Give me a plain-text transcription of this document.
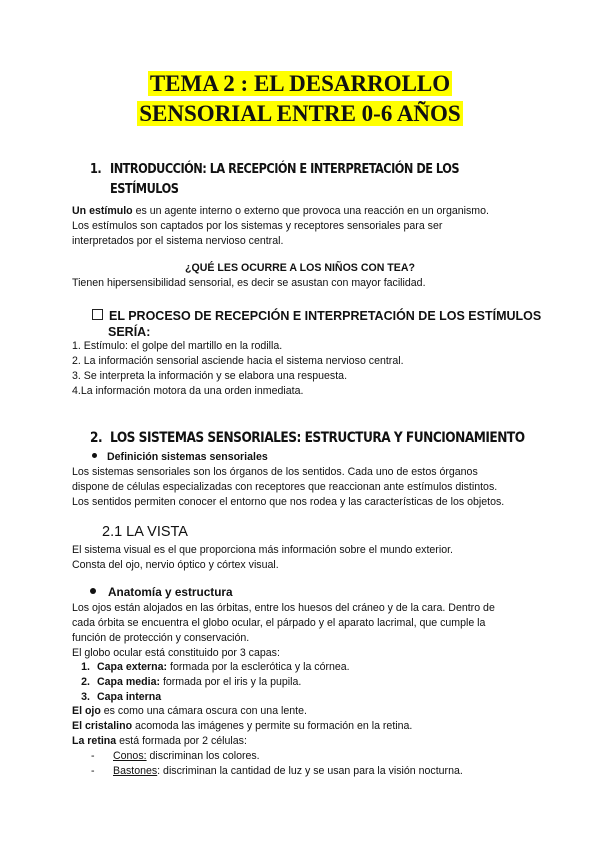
TEMA 2 : EL DESARROLLO
SENSORIAL ENTRE 0-6 AÑOS
1. INTRODUCCIÓN: LA RECEPCIÓN E INTERPRETACIÓN DE LOS
ESTÍMULOS
Un estímulo es un agente interno o externo que provoca una reacción en un organismo.
Los estímulos son captados por los sistemas y receptores sensoriales para ser
interpretados por el sistema nervioso central.
¿QUÉ LES OCURRE A LOS NIÑOS CON TEA?
Tienen hipersensibilidad sensorial, es decir se asustan con mayor facilidad.
EL PROCESO DE RECEPCIÓN E INTERPRETACIÓN DE LOS ESTÍMULOS
SERÍA:
1. Estímulo: el golpe del martillo en la rodilla.
2. La información sensorial asciende hacia el sistema nervioso central.
3. Se interpreta la información y se elabora una respuesta.
4.La información motora da una orden inmediata.
2. LOS SISTEMAS SENSORIALES: ESTRUCTURA Y FUNCIONAMIENTO
Definición sistemas sensoriales
Los sistemas sensoriales son los órganos de los sentidos. Cada uno de estos órganos
dispone de células especializadas con receptores que reaccionan ante estímulos distintos.
Los sentidos permiten conocer el entorno que nos rodea y las características de los objetos.
2.1 LA VISTA
El sistema visual es el que proporciona más información sobre el mundo exterior.
Consta del ojo, nervio óptico y córtex visual.
Anatomía y estructura
Los ojos están alojados en las órbitas, entre los huesos del cráneo y de la cara. Dentro de
cada órbita se encuentra el globo ocular, el párpado y el aparato lacrimal, que cumple la
función de protección y conservación.
El globo ocular está constituido por 3 capas:
1. Capa externa: formada por la esclerótica y la córnea.
2. Capa media: formada por el iris y la pupila.
3. Capa interna
El ojo es como una cámara oscura con una lente.
El cristalino acomoda las imágenes y permite su formación en la retina.
La retina está formada por 2 células:
- Conos: discriminan los colores.
- Bastones: discriminan la cantidad de luz y se usan para la visión nocturna.
